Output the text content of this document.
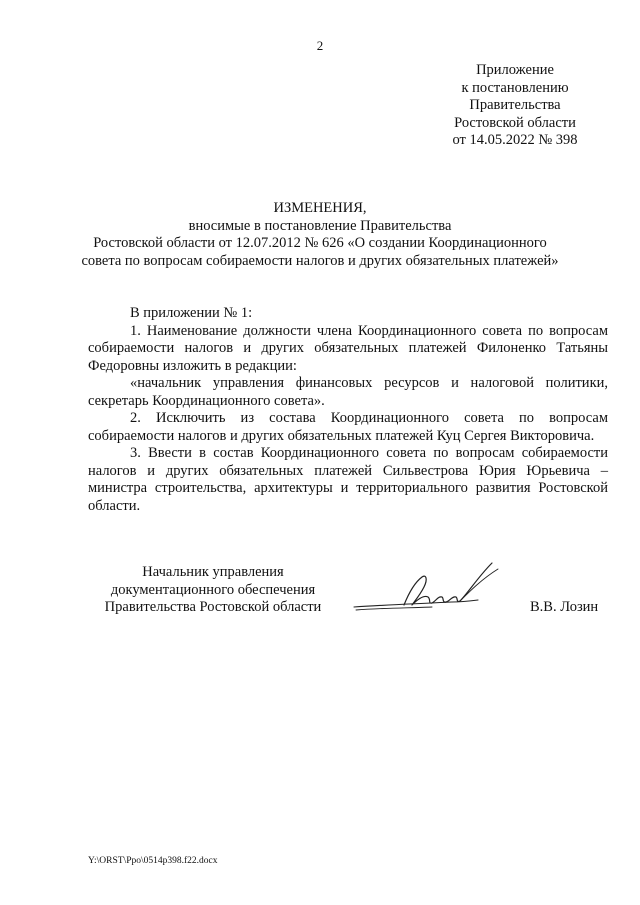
2
Приложение
к постановлению
Правительства
Ростовской области
от 14.05.2022 № 398
ИЗМЕНЕНИЯ,
вносимые в постановление Правительства
Ростовской области от 12.07.2012 № 626 «О создании Координационного
совета по вопросам собираемости налогов и других обязательных платежей»

В приложении № 1:

1. Наименование должности члена Координационного совета по вопросам собираемости налогов и других обязательных платежей Филоненко Татьяны Федоровны изложить в редакции:

«начальник управления финансовых ресурсов и налоговой политики, секретарь Координационного совета».

2. Исключить из состава Координационного совета по вопросам собираемости налогов и других обязательных платежей Куц Сергея Викторовича.

3. Ввести в состав Координационного совета по вопросам собираемости налогов и других обязательных платежей Сильвестрова Юрия Юрьевича – министра строительства, архитектуры и территориального развития Ростовской области.

Начальник управления
документационного обеспечения
Правительства Ростовской области	В.В. Лозин
Y:\ORST\Ppo\0514p398.f22.docx
